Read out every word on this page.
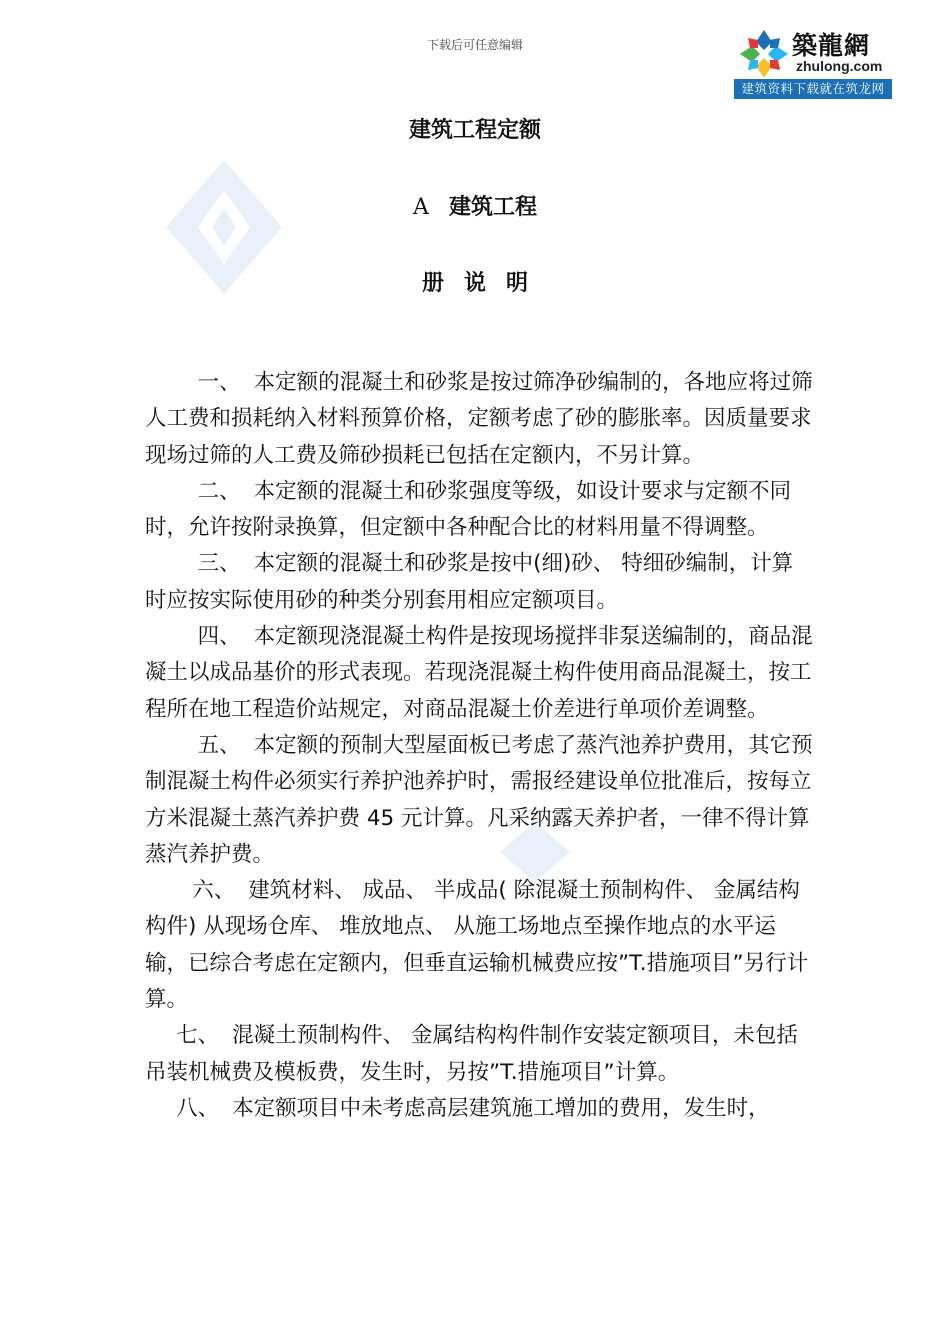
下载后可任意编辑	築龍網
zhulong.com
建筑资料下载就在筑龙网
建筑工程定额
A 建筑工程
册说明

一、 本定额的混凝土和砂浆是按过筛净砂编制的，各地应将过筛人工费和损耗纳入材料预算价格，定额考虑了砂的膨胀率。因质量要求现场过筛的人工费及筛砂损耗已包括在定额内，不另计算。

二、 本定额的混凝土和砂浆强度等级，如设计要求与定额不同时，允许按附录换算，但定额中各种配合比的材料用量不得调整。

三、 本定额的混凝土和砂浆是按中(细)砂、 特细砂编制，计算时应按实际使用砂的种类分别套用相应定额项目。

四、 本定额现浇混凝土构件是按现场搅拌非泵送编制的，商品混凝土以成品基价的形式表现。若现浇混凝土构件使用商品混凝土，按工程所在地工程造价站规定，对商品混凝土价差进行单项价差调整。

五、 本定额的预制大型屋面板已考虑了蒸汽池养护费用，其它预制混凝土构件必须实行养护池养护时，需报经建设单位批准后，按每立方米混凝土蒸汽养护费 45 元计算。凡采纳露天养护者，一律不得计算蒸汽养护费。

六、 建筑材料、 成品、 半成品( 除混凝土预制构件、 金属结构构件) 从现场仓库、 堆放地点、 从施工场地点至操作地点的水平运输，已综合考虑在定额内，但垂直运输机械费应按”T.措施项目”另行计算。

七、 混凝土预制构件、 金属结构构件制作安装定额项目，未包括吊装机械费及模板费，发生时，另按”T.措施项目”计算。

八、 本定额项目中未考虑高层建筑施工增加的费用，发生时，
